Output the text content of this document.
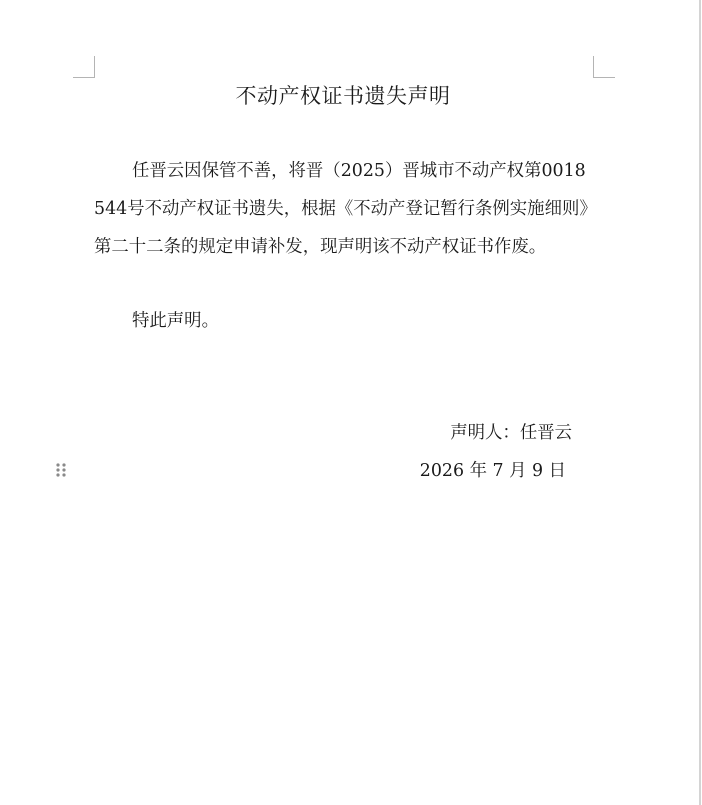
不动产权证书遗失声明
任晋云因保管不善，将晋（2025）晋城市不动产权第0018544号不动产权证书遗失，根据《不动产登记暂行条例实施细则》第二十二条的规定申请补发，现声明该不动产权证书作废。
特此声明。
声明人：任晋云
2026 年 7 月 9 日
